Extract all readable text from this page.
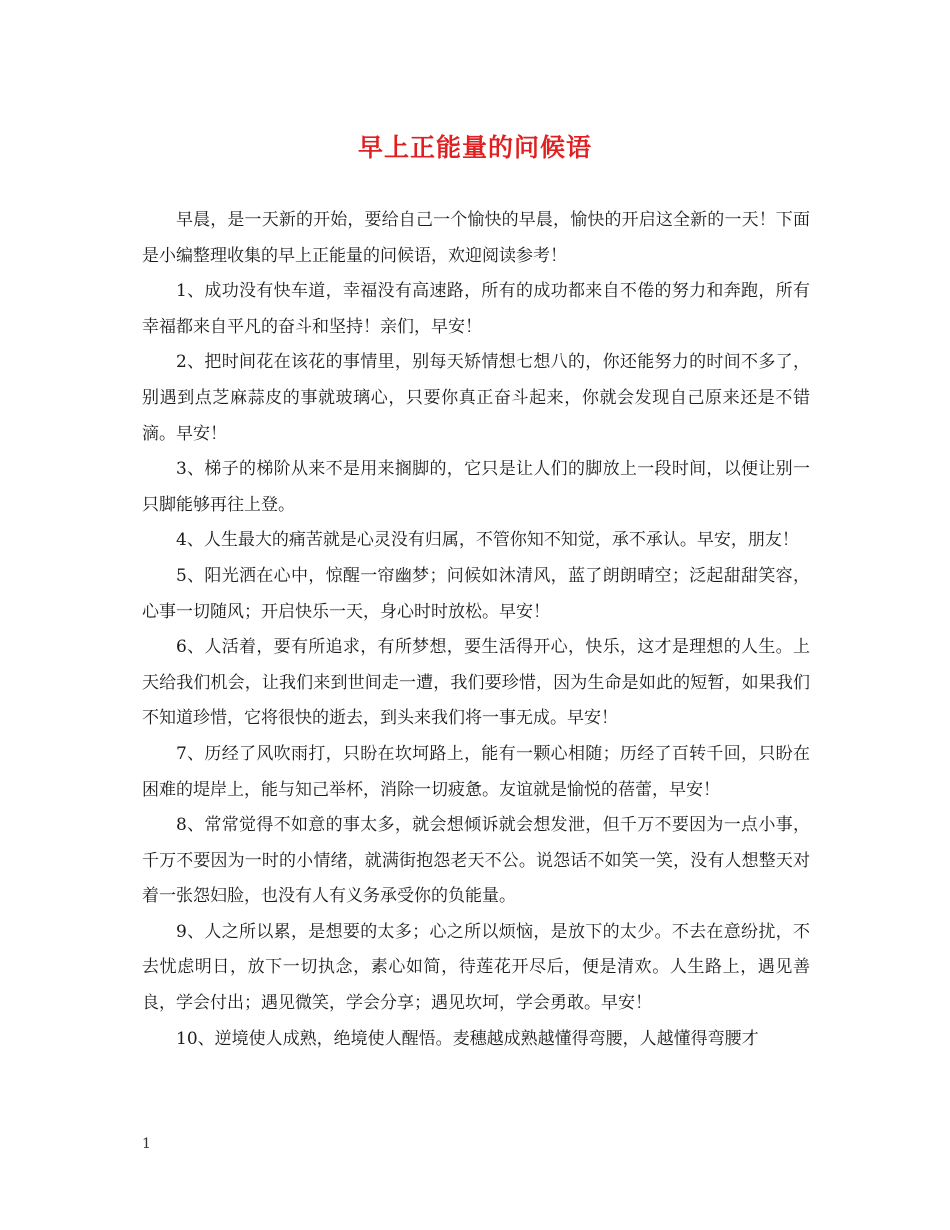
早上正能量的问候语

早晨，是一天新的开始，要给自己一个愉快的早晨，愉快的开启这全新的一天！下面是小编整理收集的早上正能量的问候语，欢迎阅读参考！

1、成功没有快车道，幸福没有高速路，所有的成功都来自不倦的努力和奔跑，所有幸福都来自平凡的奋斗和坚持！亲们，早安！

2、把时间花在该花的事情里，别每天矫情想七想八的，你还能努力的时间不多了，别遇到点芝麻蒜皮的事就玻璃心，只要你真正奋斗起来，你就会发现自己原来还是不错滴。早安！

3、梯子的梯阶从来不是用来搁脚的，它只是让人们的脚放上一段时间，以便让别一只脚能够再往上登。

4、人生最大的痛苦就是心灵没有归属，不管你知不知觉，承不承认。早安，朋友！

5、阳光洒在心中，惊醒一帘幽梦；问候如沐清风，蓝了朗朗晴空；泛起甜甜笑容，心事一切随风；开启快乐一天，身心时时放松。早安！

6、人活着，要有所追求，有所梦想，要生活得开心，快乐，这才是理想的人生。上天给我们机会，让我们来到世间走一遭，我们要珍惜，因为生命是如此的短暂，如果我们不知道珍惜，它将很快的逝去，到头来我们将一事无成。早安！

7、历经了风吹雨打，只盼在坎坷路上，能有一颗心相随；历经了百转千回，只盼在困难的堤岸上，能与知己举杯，消除一切疲惫。友谊就是愉悦的蓓蕾，早安！

8、常常觉得不如意的事太多，就会想倾诉就会想发泄，但千万不要因为一点小事，千万不要因为一时的小情绪，就满街抱怨老天不公。说怨话不如笑一笑，没有人想整天对着一张怨妇脸，也没有人有义务承受你的负能量。

9、人之所以累，是想要的太多；心之所以烦恼，是放下的太少。不去在意纷扰，不去忧虑明日，放下一切执念，素心如简，待莲花开尽后，便是清欢。人生路上，遇见善良，学会付出；遇见微笑，学会分享；遇见坎坷，学会勇敢。早安！

10、逆境使人成熟，绝境使人醒悟。麦穗越成熟越懂得弯腰，人越懂得弯腰才

1
